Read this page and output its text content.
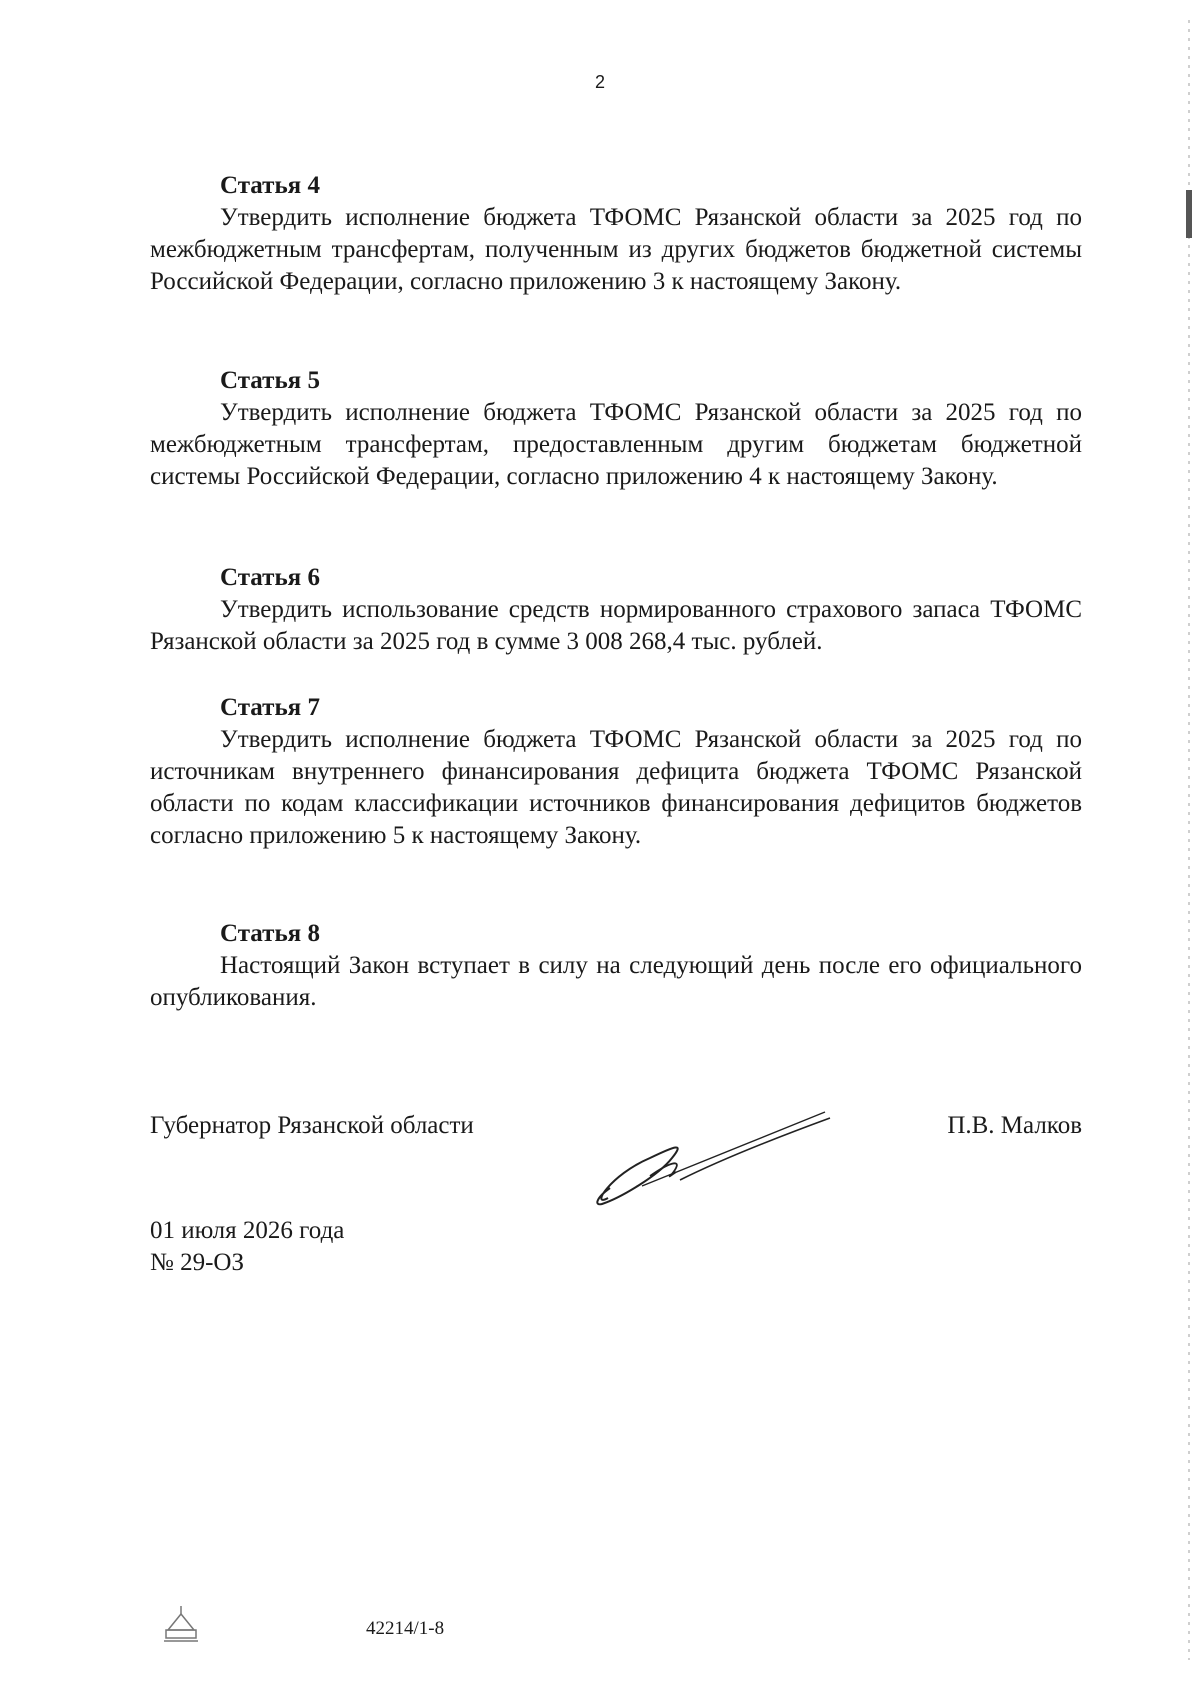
2
Статья 4

Утвердить исполнение бюджета ТФОМС Рязанской области за 2025 год по межбюджетным трансфертам, полученным из других бюджетов бюджетной системы Российской Федерации, согласно приложению 3 к настоящему Закону.

Статья 5

Утвердить исполнение бюджета ТФОМС Рязанской области за 2025 год по межбюджетным трансфертам, предоставленным другим бюджетам бюджетной системы Российской Федерации, согласно приложению 4 к настоящему Закону.

Статья 6

Утвердить использование средств нормированного страхового запаса ТФОМС Рязанской области за 2025 год в сумме 3 008 268,4 тыс. рублей.

Статья 7

Утвердить исполнение бюджета ТФОМС Рязанской области за 2025 год по источникам внутреннего финансирования дефицита бюджета ТФОМС Рязанской области по кодам классификации источников финансирования дефицитов бюджетов согласно приложению 5 к настоящему Закону.

Статья 8

Настоящий Закон вступает в силу на следующий день после его официального опубликования.

Губернатор Рязанской области	П.В. Малков
01 июля 2026 года
№ 29-ОЗ
42214/1-8
